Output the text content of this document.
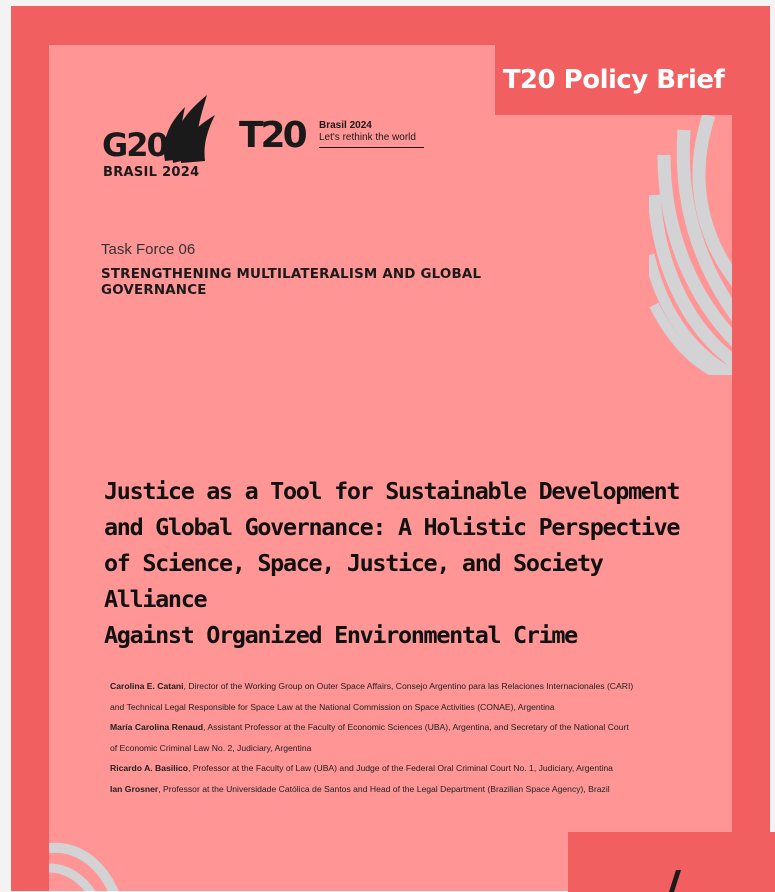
T20 Policy Brief
G20
BRASIL 2024
T20 Brasil 2024
Let's rethink the world
Task Force 06
STRENGTHENING MULTILATERALISM AND GLOBAL GOVERNANCE
Justice as a Tool for Sustainable Development
and Global Governance: A Holistic Perspective
of Science, Space, Justice, and Society Alliance
Against Organized Environmental Crime
Carolina E. Catani, Director of the Working Group on Outer Space Affairs, Consejo Argentino para las Relaciones Internacionales (CARI)
and Technical Legal Responsible for Space Law at the National Commission on Space Activities (CONAE), Argentina
María Carolina Renaud, Assistant Professor at the Faculty of Economic Sciences (UBA), Argentina, and Secretary of the National Court
of Economic Criminal Law No. 2, Judiciary, Argentina
Ricardo A. Basilico, Professor at the Faculty of Law (UBA) and Judge of the Federal Oral Criminal Court No. 1, Judiciary, Argentina
Ian Grosner, Professor at the Universidade Católica de Santos and Head of the Legal Department (Brazilian Space Agency), Brazil
